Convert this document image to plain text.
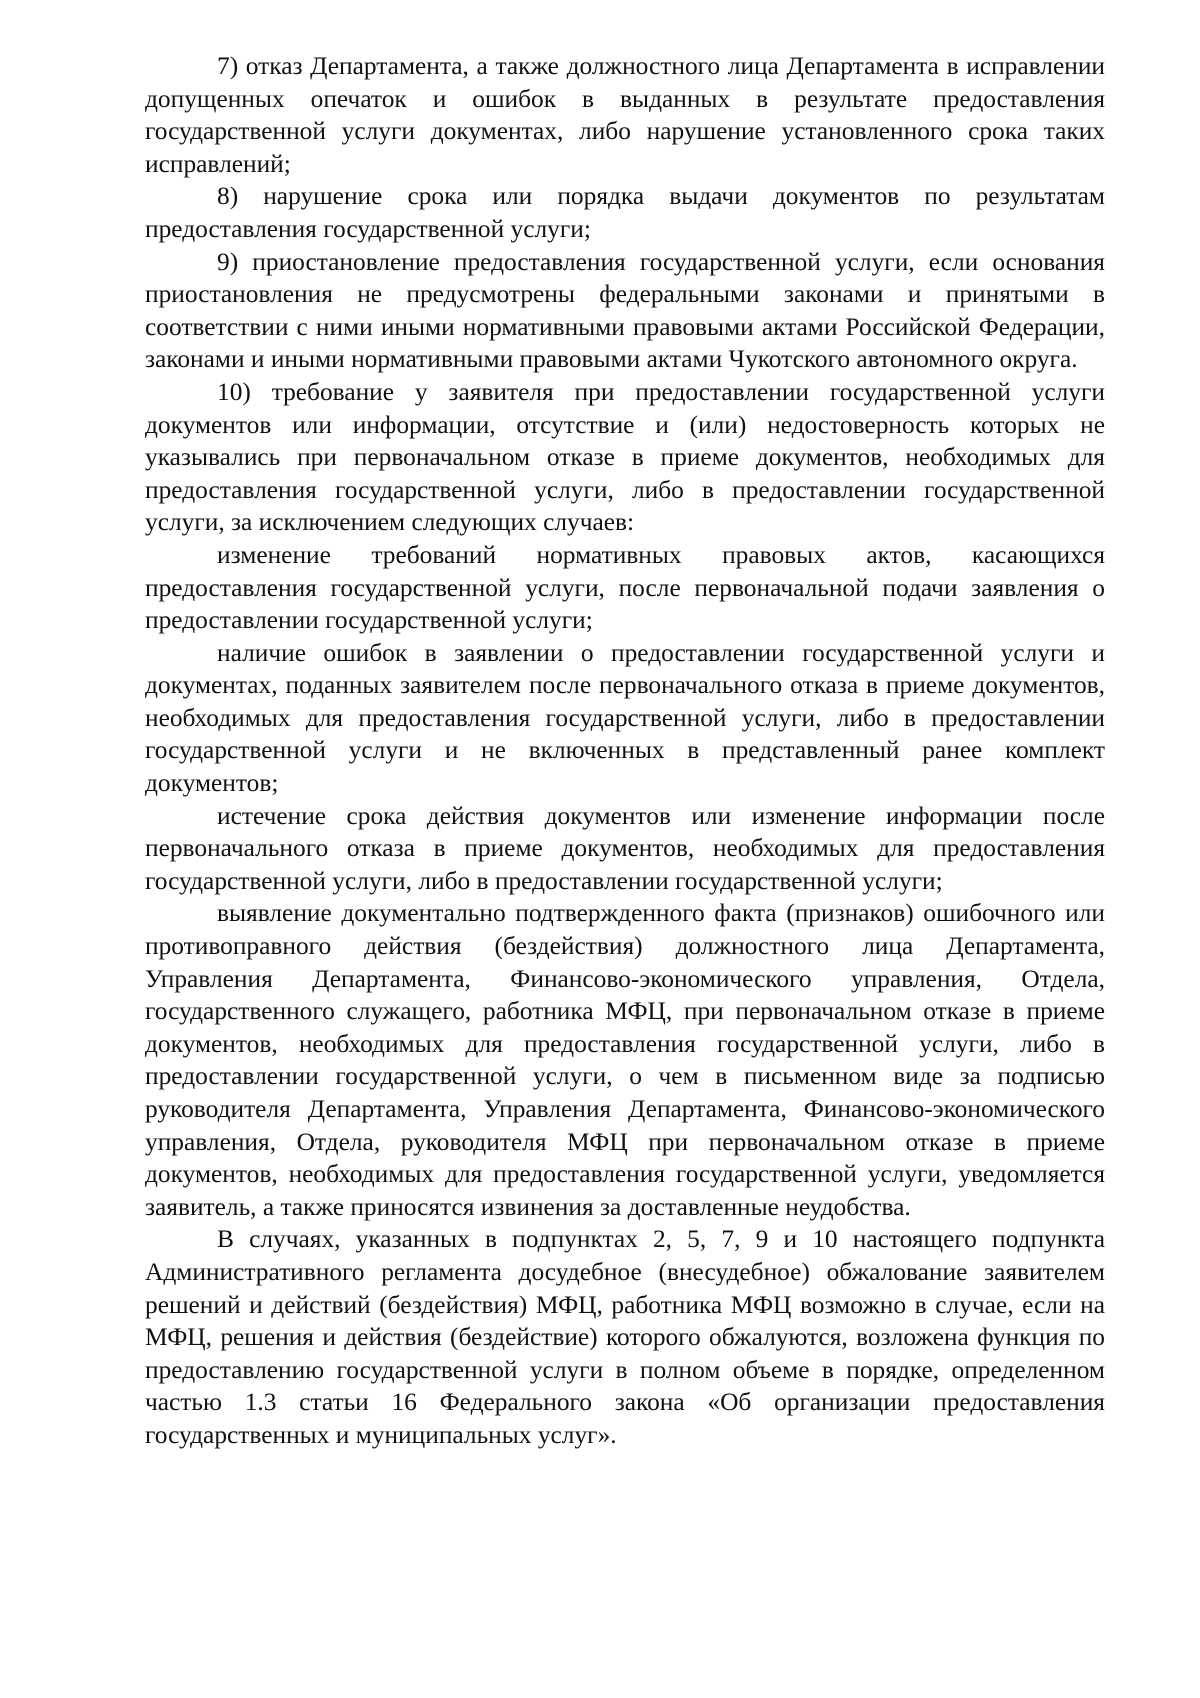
7) отказ Департамента, а также должностного лица Департамента в исправлении допущенных опечаток и ошибок в выданных в результате предоставления государственной услуги документах, либо нарушение установленного срока таких исправлений;

8) нарушение срока или порядка выдачи документов по результатам предоставления государственной услуги;

9) приостановление предоставления государственной услуги, если основания приостановления не предусмотрены федеральными законами и принятыми в соответствии с ними иными нормативными правовыми актами Российской Федерации, законами и иными нормативными правовыми актами Чукотского автономного округа.

10) требование у заявителя при предоставлении государственной услуги документов или информации, отсутствие и (или) недостоверность которых не указывались при первоначальном отказе в приеме документов, необходимых для предоставления государственной услуги, либо в предоставлении государственной услуги, за исключением следующих случаев:

изменение требований нормативных правовых актов, касающихся предоставления государственной услуги, после первоначальной подачи заявления о предоставлении государственной услуги;

наличие ошибок в заявлении о предоставлении государственной услуги и документах, поданных заявителем после первоначального отказа в приеме документов, необходимых для предоставления государственной услуги, либо в предоставлении государственной услуги и не включенных в представленный ранее комплект документов;

истечение срока действия документов или изменение информации после первоначального отказа в приеме документов, необходимых для предоставления государственной услуги, либо в предоставлении государственной услуги;

выявление документально подтвержденного факта (признаков) ошибочного или противоправного действия (бездействия) должностного лица Департамента, Управления Департамента, Финансово-экономического управления, Отдела, государственного служащего, работника МФЦ, при первоначальном отказе в приеме документов, необходимых для предоставления государственной услуги, либо в предоставлении государственной услуги, о чем в письменном виде за подписью руководителя Департамента, Управления Департамента, Финансово-экономического управления, Отдела, руководителя МФЦ при первоначальном отказе в приеме документов, необходимых для предоставления государственной услуги, уведомляется заявитель, а также приносятся извинения за доставленные неудобства.

В случаях, указанных в подпунктах 2, 5, 7, 9 и 10 настоящего подпункта Административного регламента досудебное (внесудебное) обжалование заявителем решений и действий (бездействия) МФЦ, работника МФЦ возможно в случае, если на МФЦ, решения и действия (бездействие) которого обжалуются, возложена функция по предоставлению государственной услуги в полном объеме в порядке, определенном частью 1.3 статьи 16 Федерального закона «Об организации предоставления государственных и муниципальных услуг».
